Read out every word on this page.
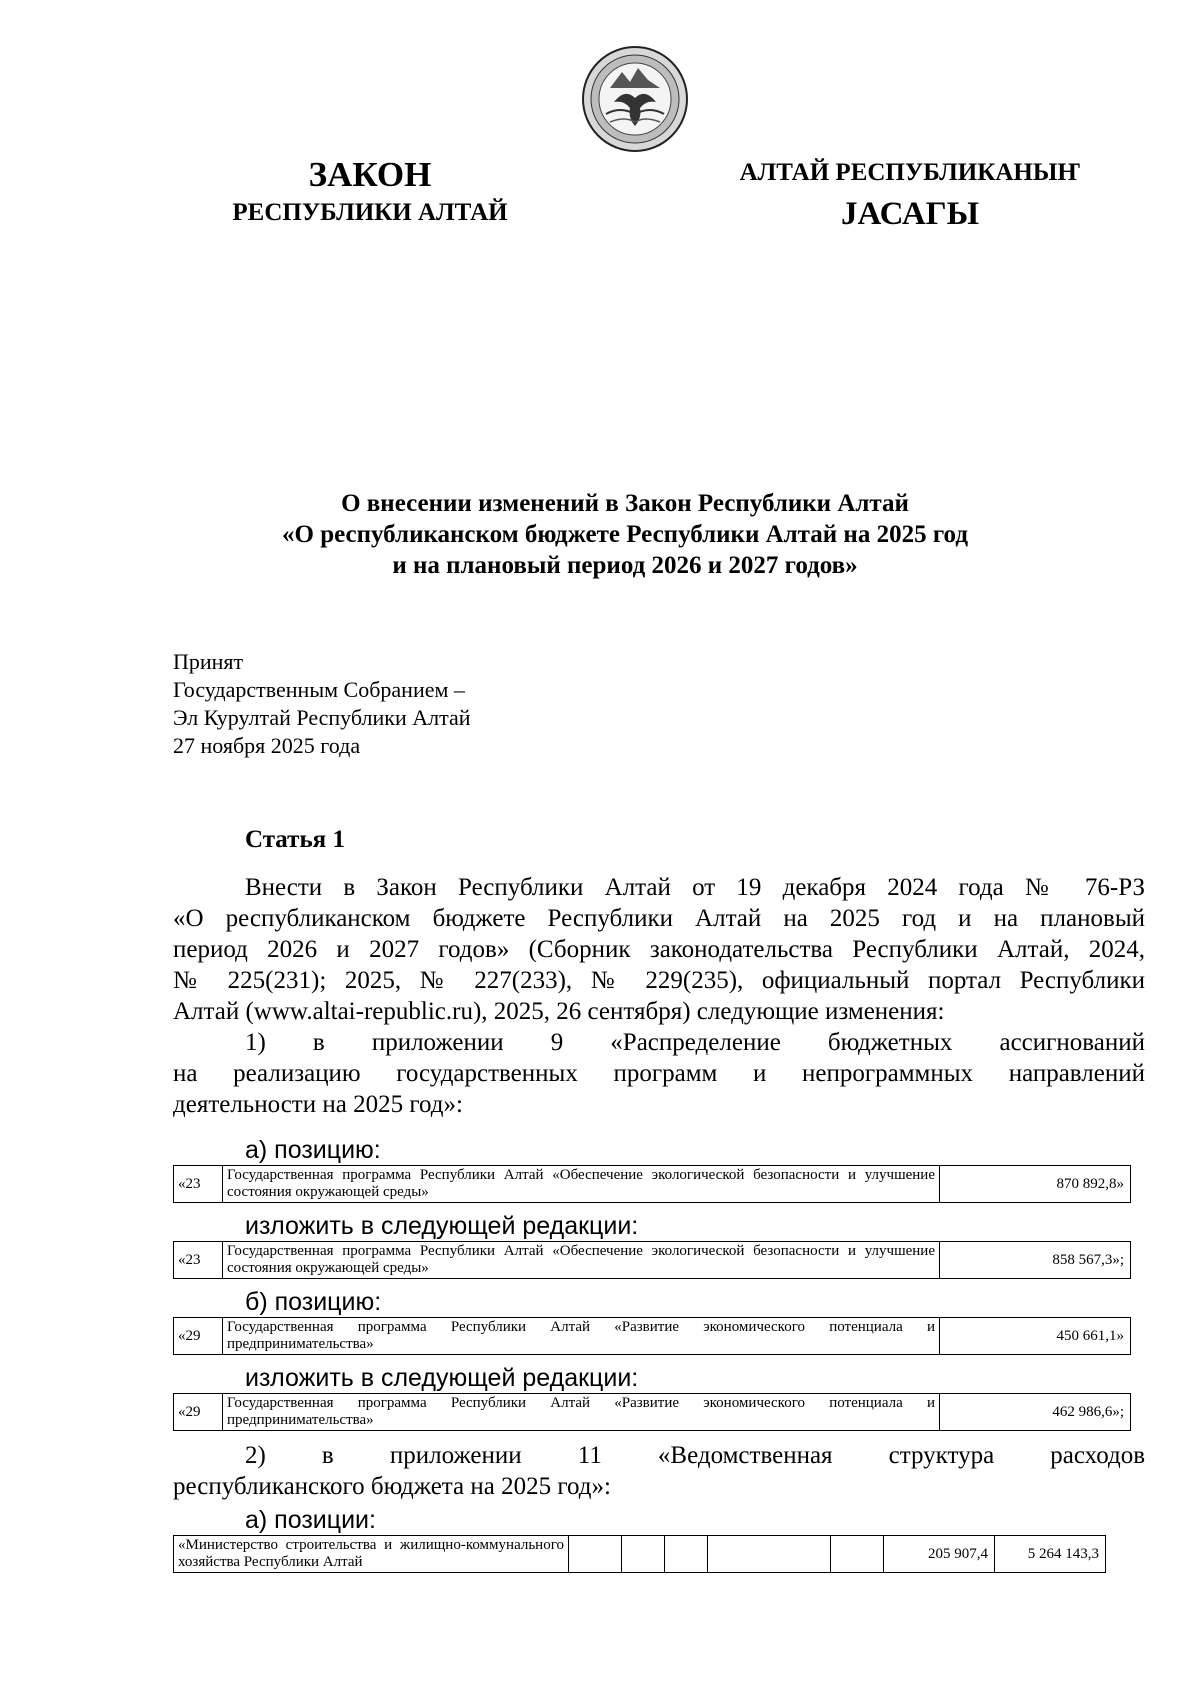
ЗАКОН
РЕСПУБЛИКИ АЛТАЙ
АЛТАЙ РЕСПУБЛИКАНЫҤ
JАСАГЫ
О внесении изменений в Закон Республики Алтай
«О республиканском бюджете Республики Алтай на 2025 год
и на плановый период 2026 и 2027 годов»
Принят
Государственным Собранием –
Эл Курултай Республики Алтай
27 ноября 2025 года
Статья 1
Внести в Закон Республики Алтай от 19 декабря 2024 года № 76-РЗ
«О республиканском бюджете Республики Алтай на 2025 год и на плановый
период 2026 и 2027 годов» (Сборник законодательства Республики Алтай, 2024,
№ 225(231); 2025, № 227(233), № 229(235), официальный портал Республики
Алтай (www.altai-republic.ru), 2025, 26 сентября) следующие изменения:
1) в приложении 9 «Распределение бюджетных ассигнований
на реализацию государственных программ и непрограммных направлений
деятельности на 2025 год»:
а) позицию:
«23	Государственная программа Республики Алтай «Обеспечение экологической безопасности и улучшение состояния окружающей среды»	870 892,8»
изложить в следующей редакции:
«23	Государственная программа Республики Алтай «Обеспечение экологической безопасности и улучшение состояния окружающей среды»	858 567,3»;
б) позицию:
«29	Государственная программа Республики Алтай «Развитие экономического потенциала и предпринимательства»	450 661,1»
изложить в следующей редакции:
«29	Государственная программа Республики Алтай «Развитие экономического потенциала и предпринимательства»	462 986,6»;
2) в приложении 11 «Ведомственная структура расходов
республиканского бюджета на 2025 год»:
а) позиции:
«Министерство строительства и жилищно-коммунального хозяйства Республики Алтай						205 907,4	5 264 143,3
